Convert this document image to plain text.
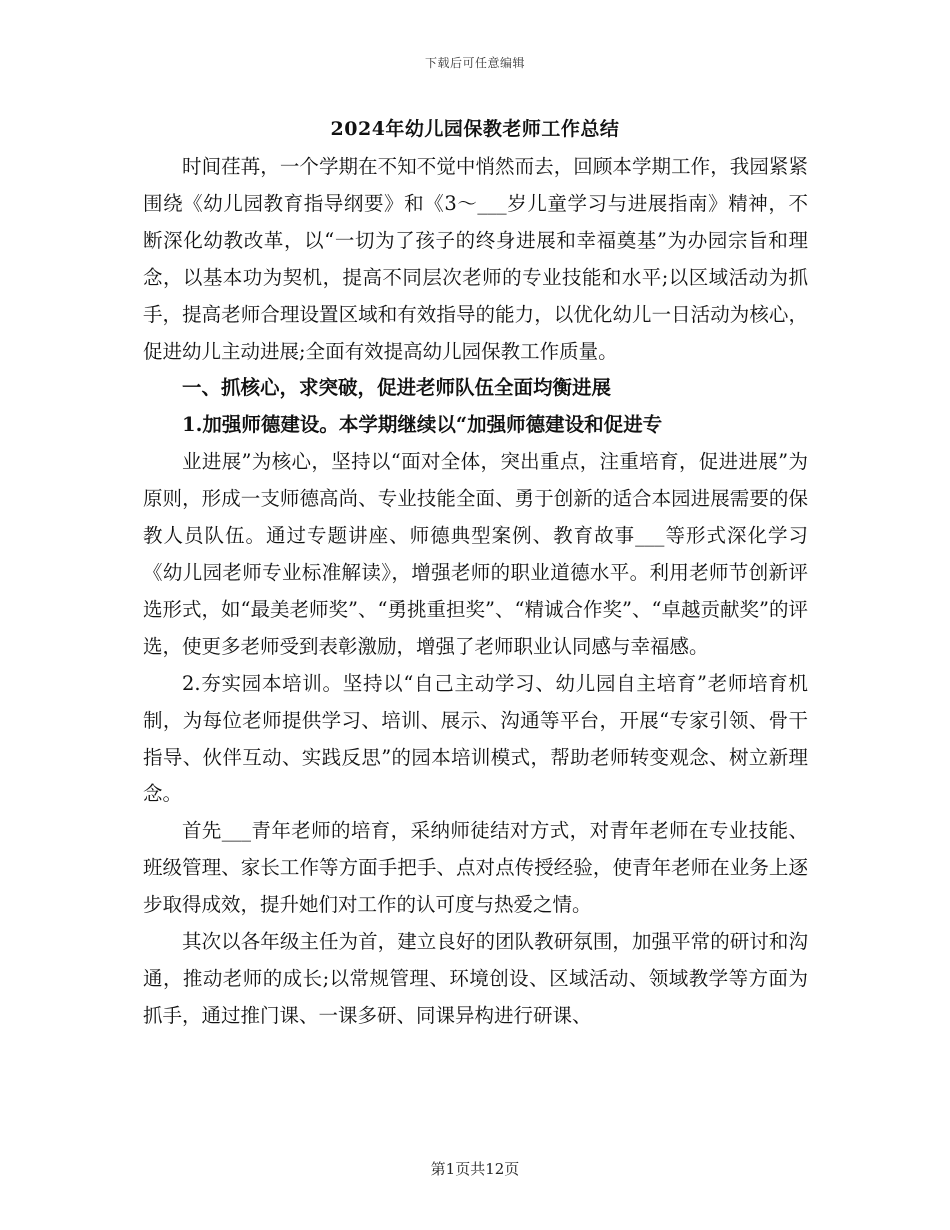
下载后可任意编辑
2024年幼儿园保教老师工作总结

时间荏苒，一个学期在不知不觉中悄然而去，回顾本学期工作，我园紧紧围绕《幼儿园教育指导纲要》和《3～___岁儿童学习与进展指南》精神，不断深化幼教改革，以“一切为了孩子的终身进展和幸福奠基”为办园宗旨和理念，以基本功为契机，提高不同层次老师的专业技能和水平;以区域活动为抓手，提高老师合理设置区域和有效指导的能力，以优化幼儿一日活动为核心，促进幼儿主动进展;全面有效提高幼儿园保教工作质量。

一、抓核心，求突破，促进老师队伍全面均衡进展

1.加强师德建设。本学期继续以“加强师德建设和促进专

业进展”为核心，坚持以“面对全体，突出重点，注重培育，促进进展”为原则，形成一支师德高尚、专业技能全面、勇于创新的适合本园进展需要的保教人员队伍。通过专题讲座、师德典型案例、教育故事___等形式深化学习《幼儿园老师专业标准解读》，增强老师的职业道德水平。利用老师节创新评选形式，如“最美老师奖”、“勇挑重担奖”、“精诚合作奖”、“卓越贡献奖”的评选，使更多老师受到表彰激励，增强了老师职业认同感与幸福感。

2.夯实园本培训。坚持以“自己主动学习、幼儿园自主培育”老师培育机制，为每位老师提供学习、培训、展示、沟通等平台，开展“专家引领、骨干指导、伙伴互动、实践反思”的园本培训模式，帮助老师转变观念、树立新理念。

首先___青年老师的培育，采纳师徒结对方式，对青年老师在专业技能、班级管理、家长工作等方面手把手、点对点传授经验，使青年老师在业务上逐步取得成效，提升她们对工作的认可度与热爱之情。

其次以各年级主任为首，建立良好的团队教研氛围，加强平常的研讨和沟通，推动老师的成长;以常规管理、环境创设、区域活动、领域教学等方面为抓手，通过推门课、一课多研、同课异构进行研课、

第1页共12页
